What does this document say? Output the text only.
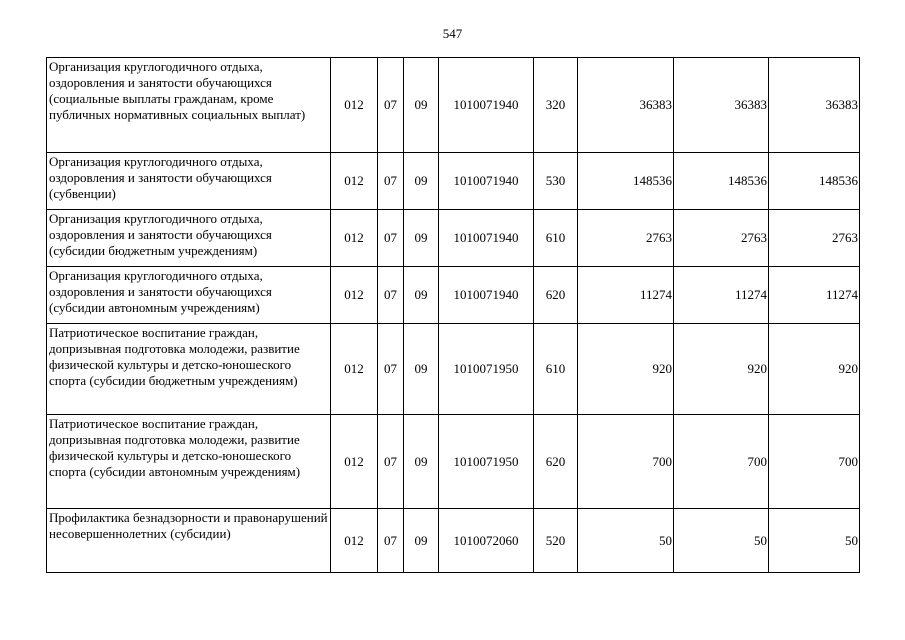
547
Организация круглогодичного отдыха, оздоровления и занятости обучающихся (социальные выплаты гражданам, кроме публичных нормативных социальных выплат)	012	07	09	1010071940	320	36383	36383	36383
Организация круглогодичного отдыха, оздоровления и занятости обучающихся (субвенции)	012	07	09	1010071940	530	148536	148536	148536
Организация круглогодичного отдыха, оздоровления и занятости обучающихся (субсидии бюджетным учреждениям)	012	07	09	1010071940	610	2763	2763	2763
Организация круглогодичного отдыха, оздоровления и занятости обучающихся (субсидии автономным учреждениям)	012	07	09	1010071940	620	11274	11274	11274
Патриотическое воспитание граждан, допризывная подготовка молодежи, развитие физической культуры и детско-юношеского спорта (субсидии бюджетным учреждениям)	012	07	09	1010071950	610	920	920	920
Патриотическое воспитание граждан, допризывная подготовка молодежи, развитие физической культуры и детско-юношеского спорта (субсидии автономным учреждениям)	012	07	09	1010071950	620	700	700	700
Профилактика безнадзорности и правонарушений несовершеннолетних (субсидии)	012	07	09	1010072060	520	50	50	50
